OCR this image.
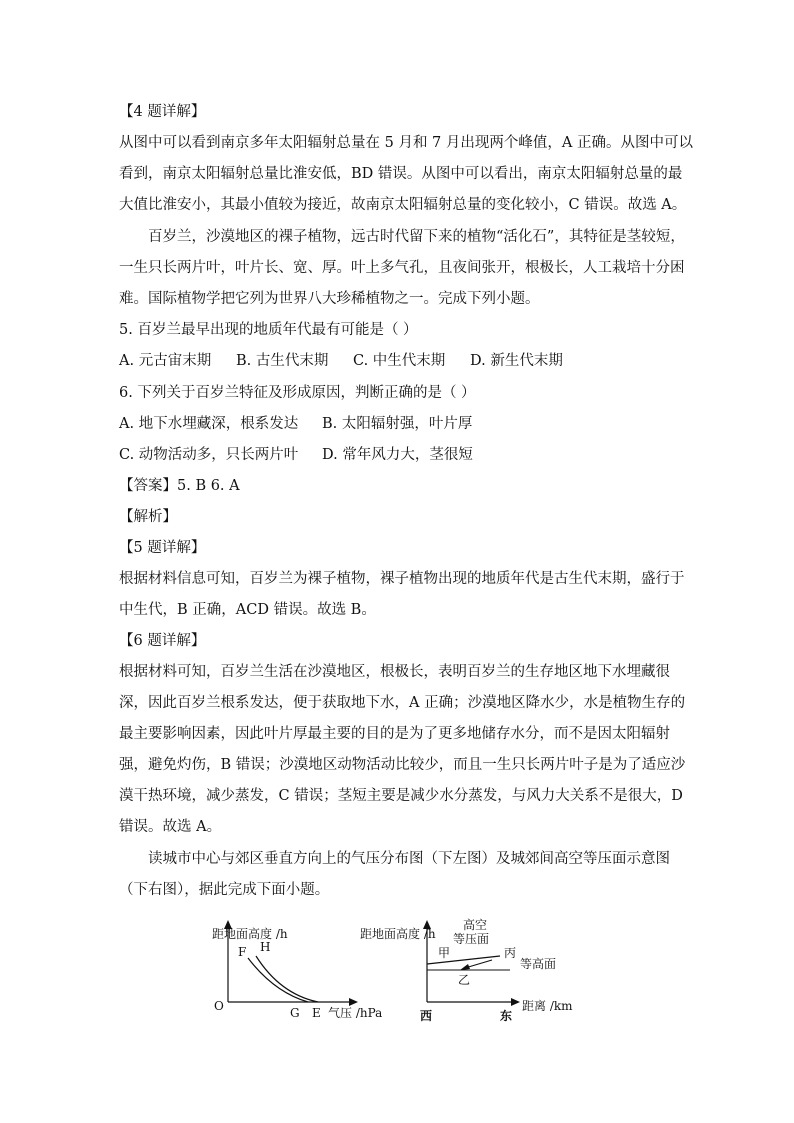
【4 题详解】
从图中可以看到南京多年太阳辐射总量在 5 月和 7 月出现两个峰值，A 正确。从图中可以
看到，南京太阳辐射总量比淮安低，BD 错误。从图中可以看出，南京太阳辐射总量的最
大值比淮安小，其最小值较为接近，故南京太阳辐射总量的变化较小，C 错误。故选 A。
百岁兰，沙漠地区的裸子植物，远古时代留下来的植物“活化石”，其特征是茎较短，
一生只长两片叶，叶片长、宽、厚。叶上多气孔，且夜间张开，根极长，人工栽培十分困
难。国际植物学把它列为世界八大珍稀植物之一。完成下列小题。
5. 百岁兰最早出现的地质年代最有可能是（ ）
A. 元古宙末期 B. 古生代末期 C. 中生代末期 D. 新生代末期
6. 下列关于百岁兰特征及形成原因，判断正确的是（ ）
A. 地下水埋藏深，根系发达 B. 太阳辐射强，叶片厚
C. 动物活动多，只长两片叶 D. 常年风力大，茎很短
【答案】5. B 6. A
【解析】
【5 题详解】
根据材料信息可知，百岁兰为裸子植物，裸子植物出现的地质年代是古生代末期，盛行于
中生代，B 正确，ACD 错误。故选 B。
【6 题详解】
根据材料可知，百岁兰生活在沙漠地区，根极长，表明百岁兰的生存地区地下水埋藏很
深，因此百岁兰根系发达，便于获取地下水，A 正确；沙漠地区降水少，水是植物生存的
最主要影响因素，因此叶片厚最主要的目的是为了更多地储存水分，而不是因太阳辐射
强，避免灼伤，B 错误；沙漠地区动物活动比较少，而且一生只长两片叶子是为了适应沙
漠干热环境，减少蒸发，C 错误；茎短主要是减少水分蒸发，与风力大关系不是很大，D
错误。故选 A。
读城市中心与郊区垂直方向上的气压分布图（下左图）及城郊间高空等压面示意图
（下右图），据此完成下面小题。
距地面高度 /h
F H
G E
O	气压 /hPa
距地面高度 /h
高空
等压面
甲
乙
丙
等高面
距离 /km
西	东
